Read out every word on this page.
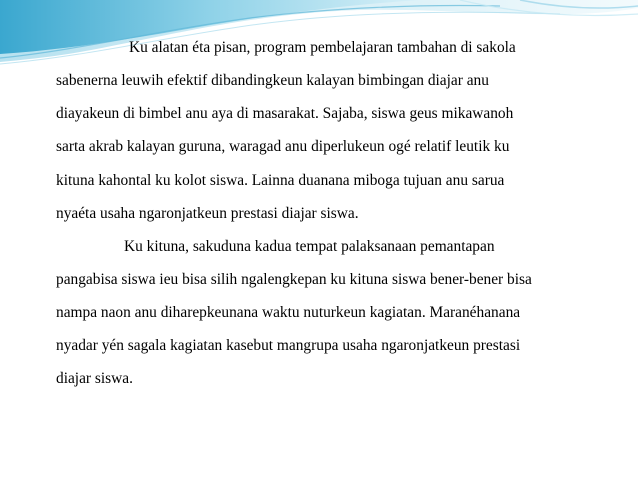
Ku alatan éta pisan, program pembelajaran tambahan di sakola
sabenerna leuwih efektif dibandingkeun kalayan bimbingan diajar anu
diayakeun di bimbel anu aya di masarakat. Sajaba, siswa geus mikawanoh
sarta akrab kalayan guruna, waragad anu diperlukeun ogé relatif leutik ku
kituna kahontal ku kolot siswa. Lainna duanana miboga tujuan anu sarua
nyaéta usaha ngaronjatkeun prestasi diajar siswa.
Ku kituna, sakuduna kadua tempat palaksanaan pemantapan
pangabisa siswa ieu bisa silih ngalengkepan ku kituna siswa bener-bener bisa
nampa naon anu diharepkeunana waktu nuturkeun kagiatan. Maranéhanana
nyadar yén sagala kagiatan kasebut mangrupa usaha ngaronjatkeun prestasi
diajar siswa.
